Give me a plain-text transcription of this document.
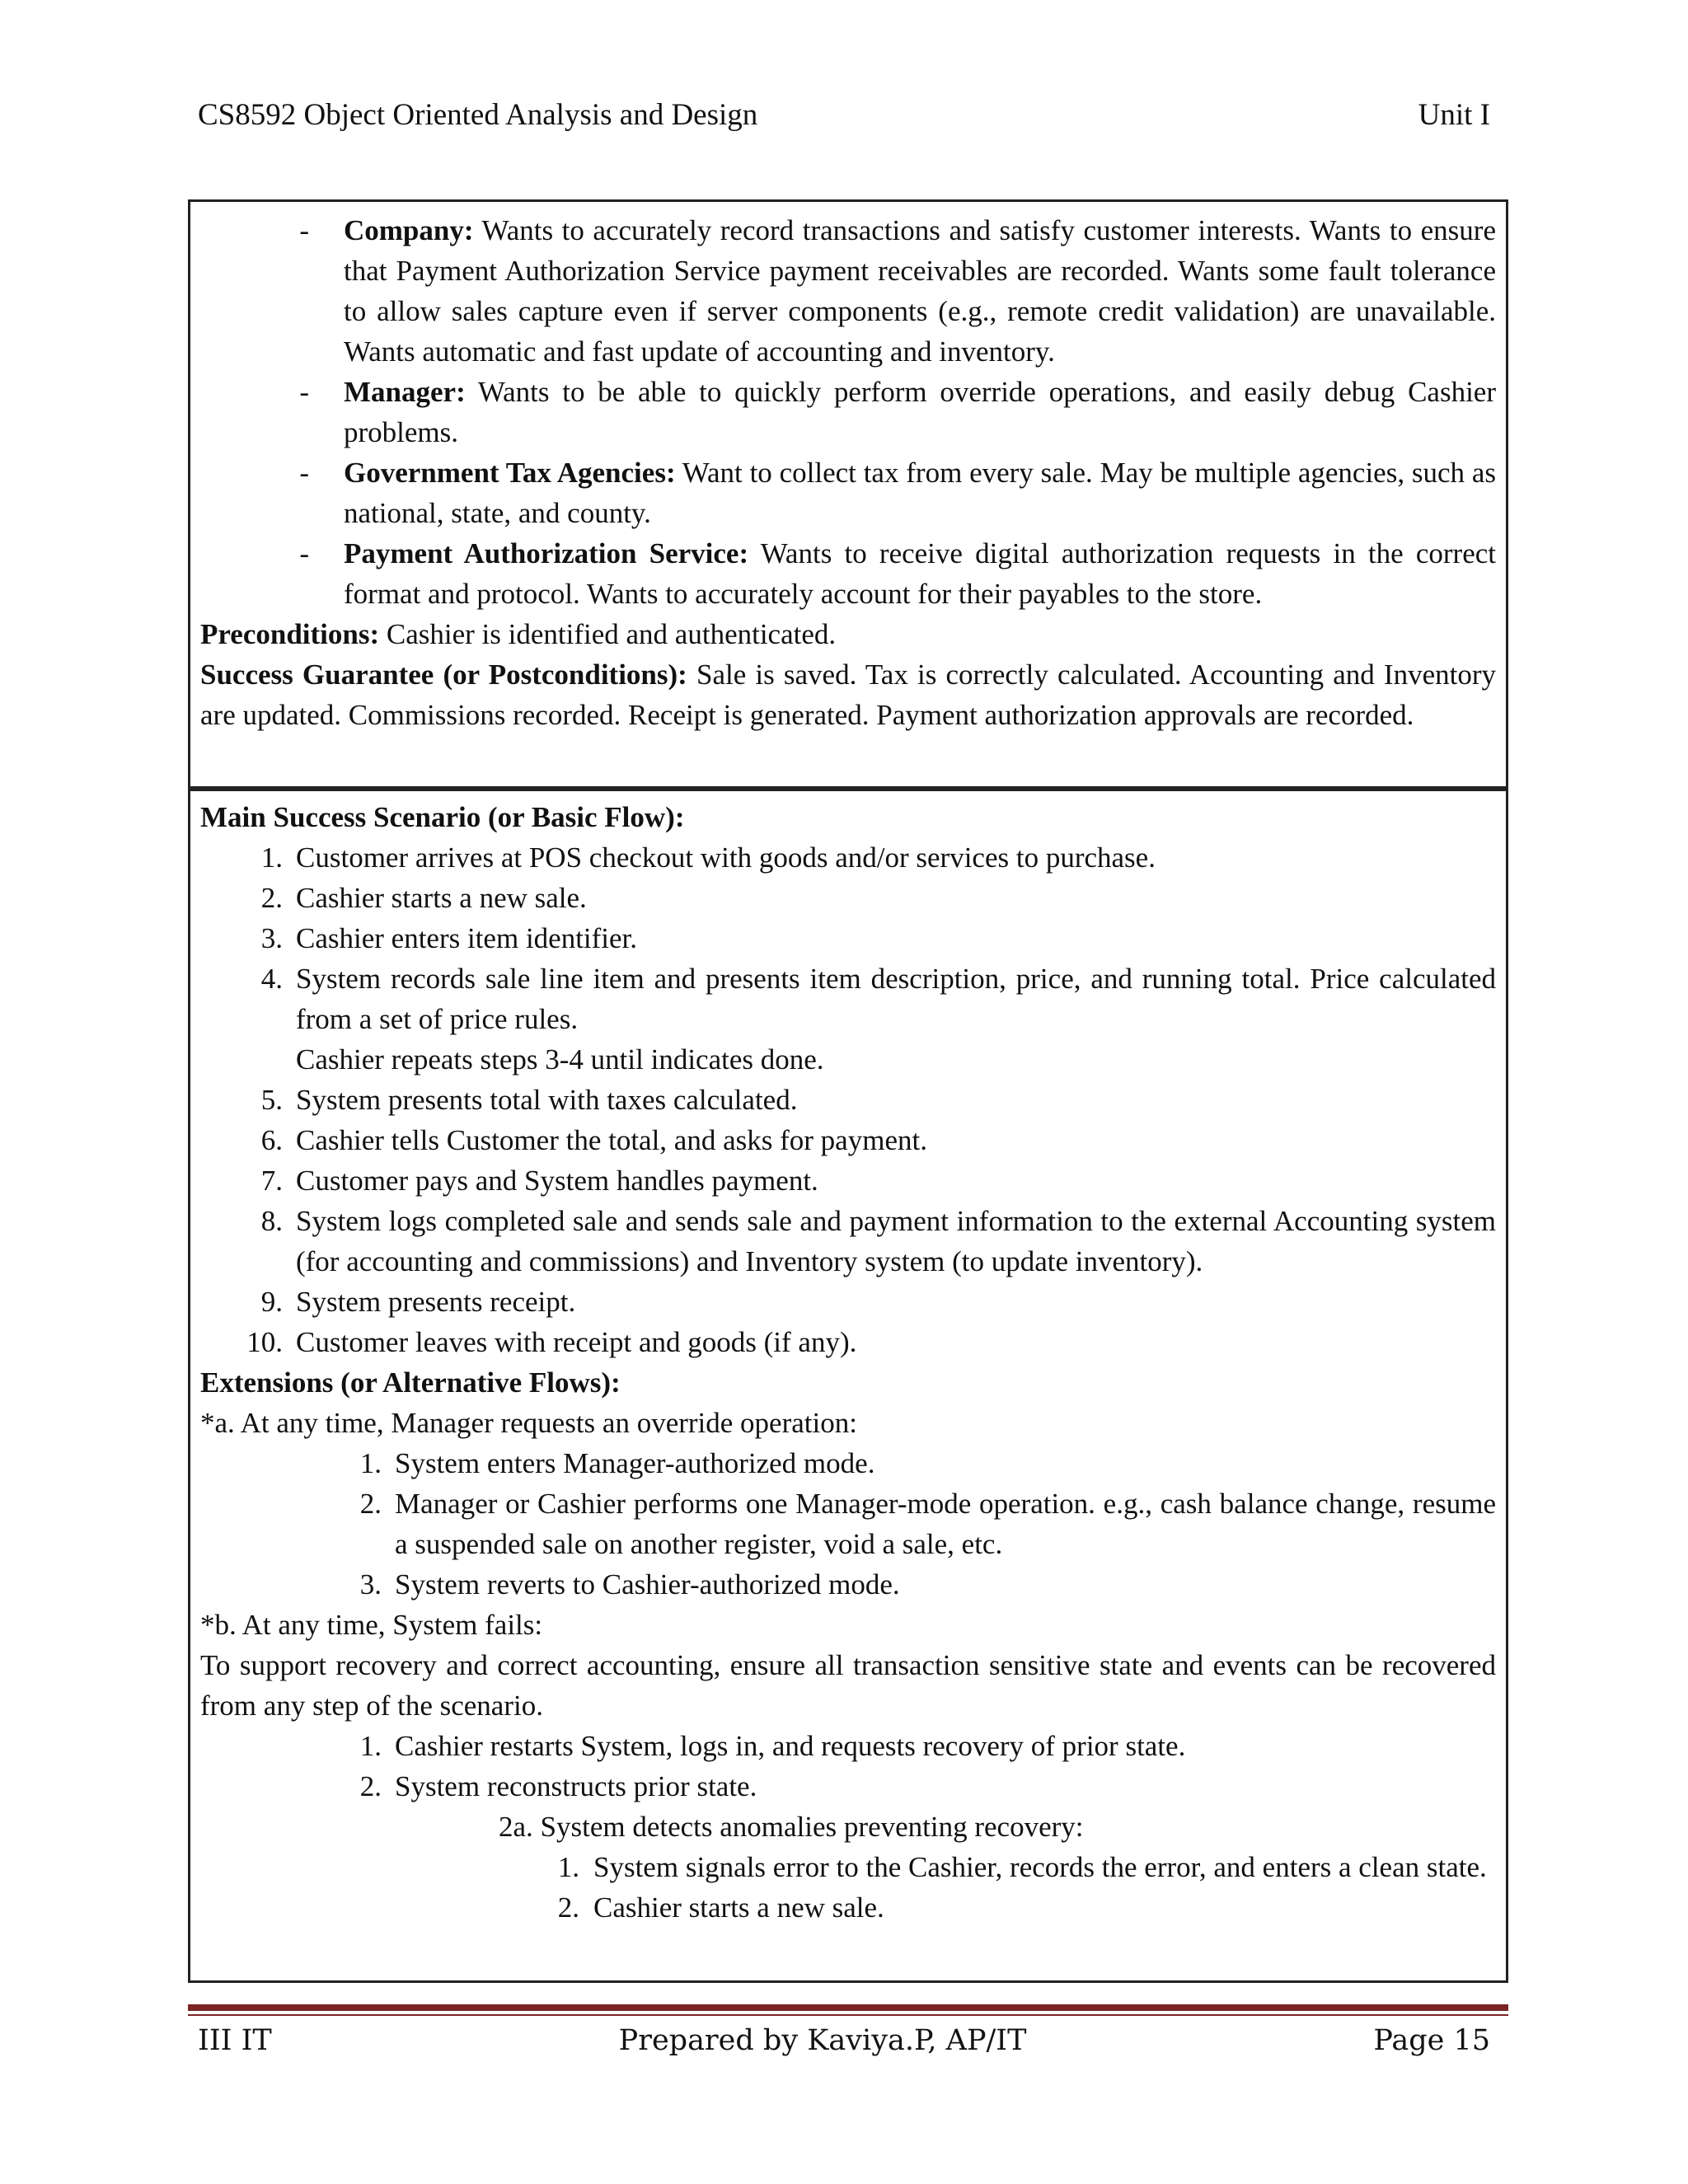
CS8592 Object Oriented Analysis and Design	Unit I
- Company: Wants to accurately record transactions and satisfy customer interests. Wants to ensure that Payment Authorization Service payment receivables are recorded. Wants some fault tolerance to allow sales capture even if server components (e.g., remote credit validation) are unavailable. Wants automatic and fast update of accounting and inventory.
- Manager: Wants to be able to quickly perform override operations, and easily debug Cashier problems.
- Government Tax Agencies: Want to collect tax from every sale. May be multiple agencies, such as national, state, and county.
- Payment Authorization Service: Wants to receive digital authorization requests in the correct format and protocol. Wants to accurately account for their payables to the store.

Preconditions: Cashier is identified and authenticated.

Success Guarantee (or Postconditions): Sale is saved. Tax is correctly calculated. Accounting and Inventory are updated. Commissions recorded. Receipt is generated. Payment authorization approvals are recorded.

Main Success Scenario (or Basic Flow):

1. Customer arrives at POS checkout with goods and/or services to purchase.
2. Cashier starts a new sale.
3. Cashier enters item identifier.
4. System records sale line item and presents item description, price, and running total. Price calculated from a set of price rules.
Cashier repeats steps 3-4 until indicates done.
5. System presents total with taxes calculated.
6. Cashier tells Customer the total, and asks for payment.
7. Customer pays and System handles payment.
8. System logs completed sale and sends sale and payment information to the external Accounting system (for accounting and commissions) and Inventory system (to update inventory).
9. System presents receipt.
10. Customer leaves with receipt and goods (if any).

Extensions (or Alternative Flows):

*a. At any time, Manager requests an override operation:

1. System enters Manager-authorized mode.
2. Manager or Cashier performs one Manager-mode operation. e.g., cash balance change, resume a suspended sale on another register, void a sale, etc.
3. System reverts to Cashier-authorized mode.

*b. At any time, System fails:

To support recovery and correct accounting, ensure all transaction sensitive state and events can be recovered from any step of the scenario.

1. Cashier restarts System, logs in, and requests recovery of prior state.
2. System reconstructs prior state.

2a. System detects anomalies preventing recovery:

1. System signals error to the Cashier, records the error, and enters a clean state.
2. Cashier starts a new sale.
III IT	Prepared by Kaviya.P, AP/IT	Page 15
